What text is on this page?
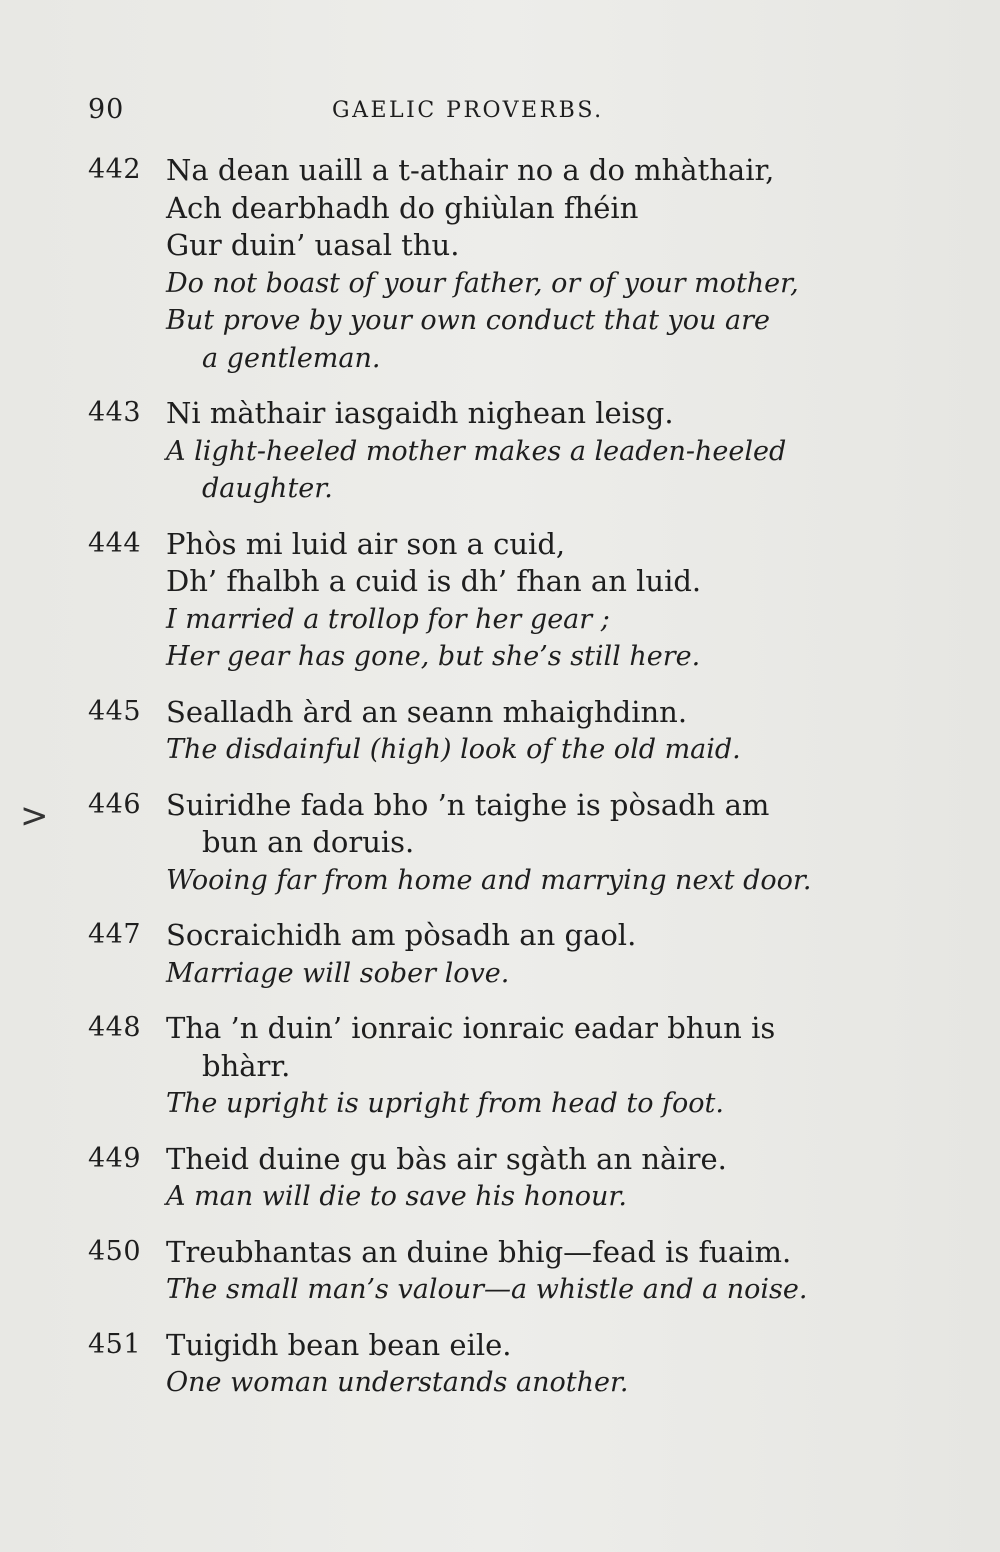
90	GAELIC PROVERBS.
>
442 Na dean uaill a t-athair no a do mhàthair,
Ach dearbhadh do ghiùlan fhéin
Gur duin’ uasal thu.
Do not boast of your father, or of your mother,
But prove by your own conduct that you are
a gentleman.
443 Ni màthair iasgaidh nighean leisg.
A light-heeled mother makes a leaden-heeled
daughter.
444 Phòs mi luid air son a cuid,
Dh’ fhalbh a cuid is dh’ fhan an luid.
I married a trollop for her gear ;
Her gear has gone, but she’s still here.
445 Sealladh àrd an seann mhaighdinn.
The disdainful (high) look of the old maid.
446 Suiridhe fada bho ’n taighe is pòsadh am
bun an doruis.
Wooing far from home and marrying next door.
447 Socraichidh am pòsadh an gaol.
Marriage will sober love.
448 Tha ’n duin’ ionraic ionraic eadar bhun is
bhàrr.
The upright is upright from head to foot.
449 Theid duine gu bàs air sgàth an nàire.
A man will die to save his honour.
450 Treubhantas an duine bhig—fead is fuaim.
The small man’s valour—a whistle and a noise.
451 Tuigidh bean bean eile.
One woman understands another.
